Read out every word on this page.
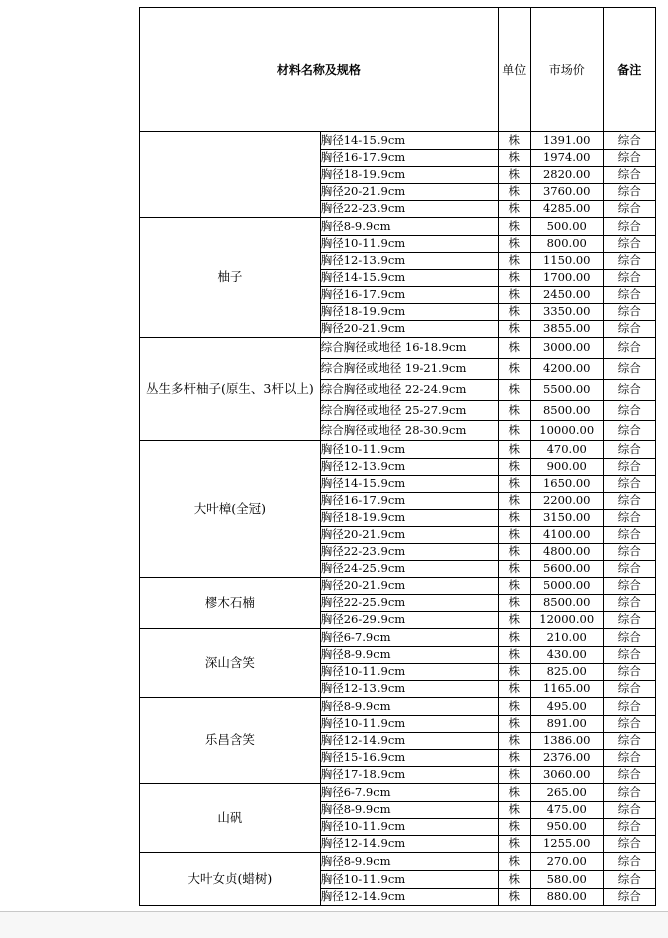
材料名称及规格		单位	市场价	备注
	胸径14-15.9cm	株	1391.00	综合
	胸径16-17.9cm	株	1974.00	综合
	胸径18-19.9cm	株	2820.00	综合
	胸径20-21.9cm	株	3760.00	综合
	胸径22-23.9cm	株	4285.00	综合
柚子	胸径8-9.9cm	株	500.00	综合
	胸径10-11.9cm	株	800.00	综合
	胸径12-13.9cm	株	1150.00	综合
	胸径14-15.9cm	株	1700.00	综合
	胸径16-17.9cm	株	2450.00	综合
	胸径18-19.9cm	株	3350.00	综合
	胸径20-21.9cm	株	3855.00	综合
丛生多杆柚子(原生、3杆以上)	综合胸径或地径 16-18.9cm	株	3000.00	综合
	综合胸径或地径 19-21.9cm	株	4200.00	综合
	综合胸径或地径 22-24.9cm	株	5500.00	综合
	综合胸径或地径 25-27.9cm	株	8500.00	综合
	综合胸径或地径 28-30.9cm	株	10000.00	综合
大叶樟(全冠)	胸径10-11.9cm	株	470.00	综合
	胸径12-13.9cm	株	900.00	综合
	胸径14-15.9cm	株	1650.00	综合
	胸径16-17.9cm	株	2200.00	综合
	胸径18-19.9cm	株	3150.00	综合
	胸径20-21.9cm	株	4100.00	综合
	胸径22-23.9cm	株	4800.00	综合
	胸径24-25.9cm	株	5600.00	综合
樛木石楠	胸径20-21.9cm	株	5000.00	综合
	胸径22-25.9cm	株	8500.00	综合
	胸径26-29.9cm	株	12000.00	综合
深山含笑	胸径6-7.9cm	株	210.00	综合
	胸径8-9.9cm	株	430.00	综合
	胸径10-11.9cm	株	825.00	综合
	胸径12-13.9cm	株	1165.00	综合
乐昌含笑	胸径8-9.9cm	株	495.00	综合
	胸径10-11.9cm	株	891.00	综合
	胸径12-14.9cm	株	1386.00	综合
	胸径15-16.9cm	株	2376.00	综合
	胸径17-18.9cm	株	3060.00	综合
山矾	胸径6-7.9cm	株	265.00	综合
	胸径8-9.9cm	株	475.00	综合
	胸径10-11.9cm	株	950.00	综合
	胸径12-14.9cm	株	1255.00	综合
大叶女贞(蜡树)	胸径8-9.9cm	株	270.00	综合
	胸径10-11.9cm	株	580.00	综合
	胸径12-14.9cm	株	880.00	综合
